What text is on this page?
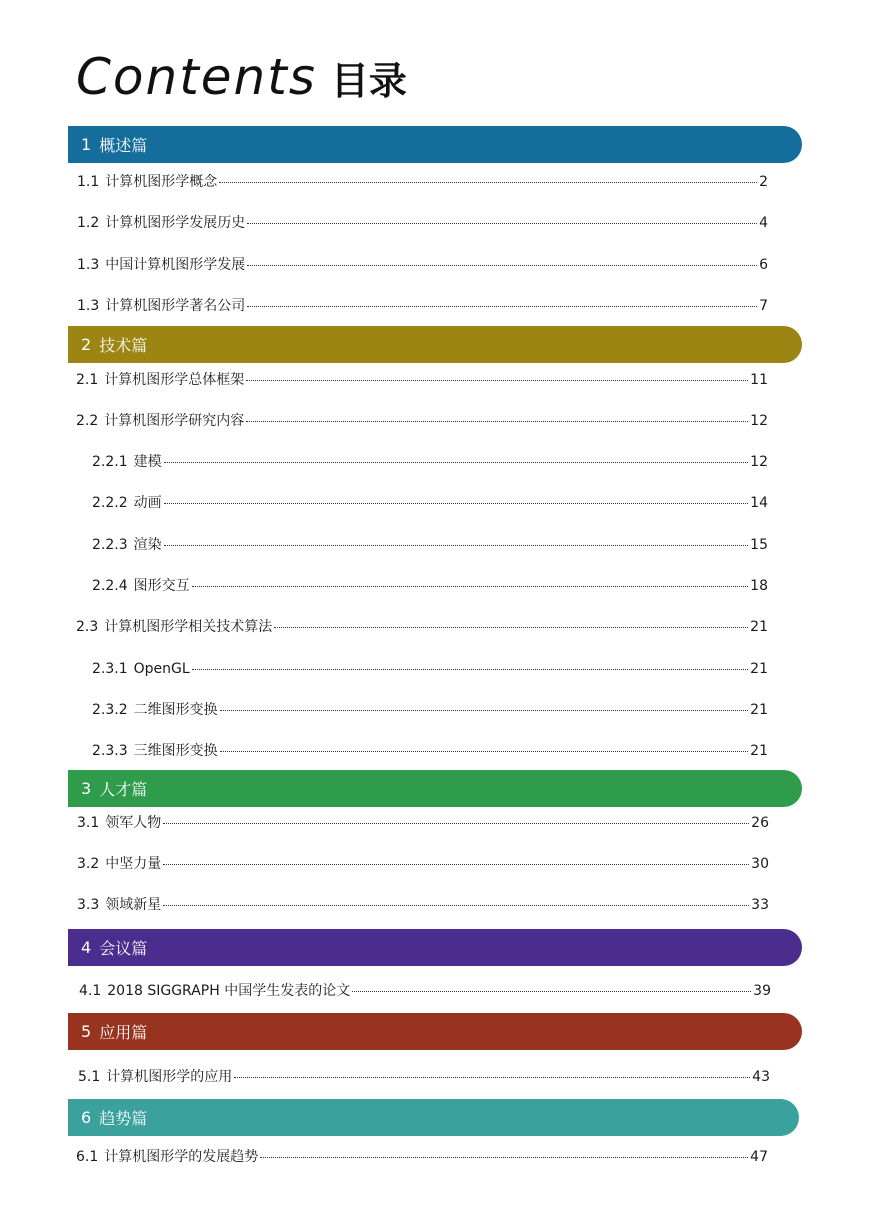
Contents 目录
1 概述篇
1.1 计算机图形学概念	2
1.2 计算机图形学发展历史	4
1.3 中国计算机图形学发展	6
1.3 计算机图形学著名公司	7
2 技术篇
2.1 计算机图形学总体框架	11
2.2 计算机图形学研究内容	12
2.2.1 建模	12
2.2.2 动画	14
2.2.3 渲染	15
2.2.4 图形交互	18
2.3 计算机图形学相关技术算法	21
2.3.1 OpenGL	21
2.3.2 二维图形变换	21
2.3.3 三维图形变换	21
3 人才篇
3.1 领军人物	26
3.2 中坚力量	30
3.3 领域新星	33
4 会议篇
4.1 2018 SIGGRAPH 中国学生发表的论文	39
5 应用篇
5.1 计算机图形学的应用	43
6 趋势篇
6.1 计算机图形学的发展趋势	47
